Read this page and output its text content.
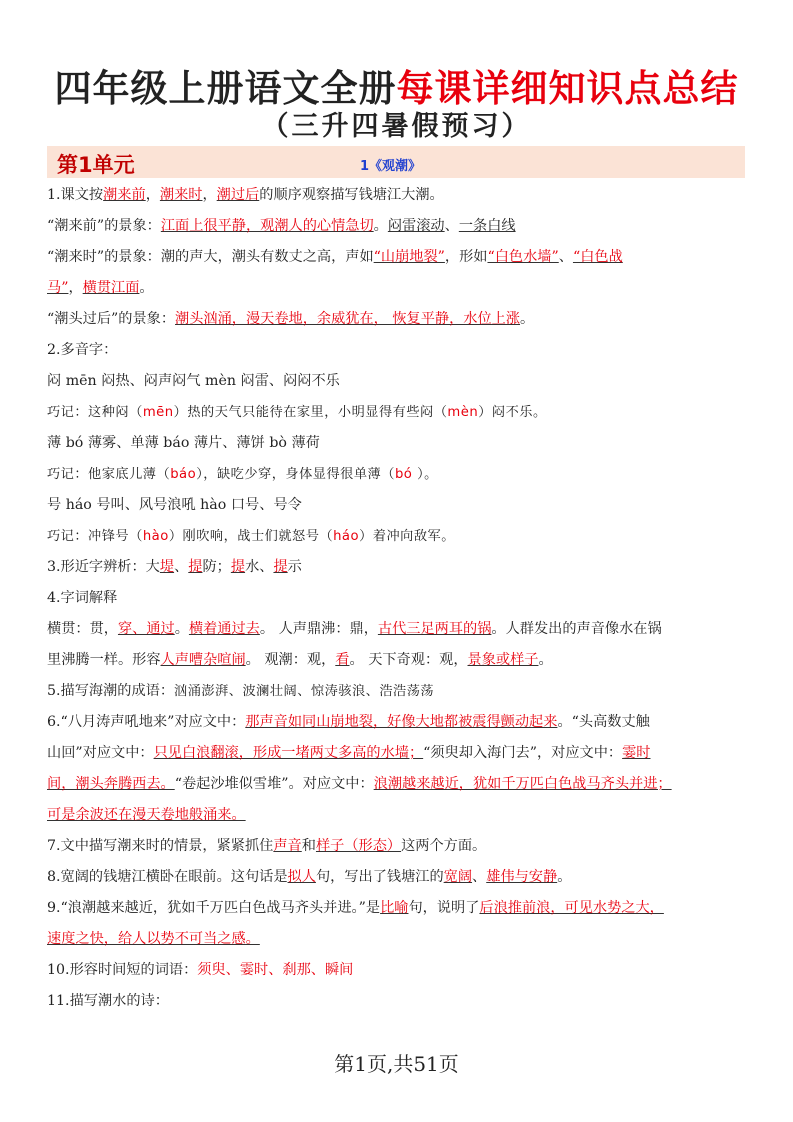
四年级上册语文全册每课详细知识点总结
（三升四暑假预习）
第1单元	1《观潮》
1.课文按潮来前，潮来时，潮过后的顺序观察描写钱塘江大潮。
“潮来前”的景象：江面上很平静，观潮人的心情急切。闷雷滚动、一条白线
“潮来时”的景象：潮的声大，潮头有数丈之高，声如“山崩地裂”，形如“白色水墙”、“白色战
马”，横贯江面。
“潮头过后”的景象：潮头汹涌，漫天卷地，余威犹在， 恢复平静，水位上涨。
2.多音字：
闷 mēn 闷热、闷声闷气 mèn 闷雷、闷闷不乐
巧记：这种闷（mēn）热的天气只能待在家里，小明显得有些闷（mèn）闷不乐。
薄 bó 薄雾、单薄 báo 薄片、薄饼 bò 薄荷
巧记：他家底儿薄（báo），缺吃少穿，身体显得很单薄（bó ）。
号 háo 号叫、风号浪吼 hào 口号、号令
巧记：冲锋号（hào）刚吹响，战士们就怒号（háo）着冲向敌军。
3.形近字辨析：大堤、提防；提水、提示
4.字词解释
横贯：贯，穿、通过。横着通过去。 人声鼎沸：鼎，古代三足两耳的锅。人群发出的声音像水在锅
里沸腾一样。形容人声嘈杂喧闹。 观潮：观，看。 天下奇观：观，景象或样子。
5.描写海潮的成语：汹涌澎湃、波澜壮阔、惊涛骇浪、浩浩荡荡
6.“八月涛声吼地来”对应文中：那声音如同山崩地裂，好像大地都被震得颤动起来。“头高数丈触
山回”对应文中：只见白浪翻滚，形成一堵两丈多高的水墙；“须臾却入海门去”，对应文中：霎时
间，潮头奔腾西去。“卷起沙堆似雪堆”。对应文中：浪潮越来越近，犹如千万匹白色战马齐头并进；
可是余波还在漫天卷地般涌来。
7.文中描写潮来时的情景，紧紧抓住声音和样子（形态）这两个方面。
8.宽阔的钱塘江横卧在眼前。这句话是拟人句，写出了钱塘江的宽阔、雄伟与安静。
9.“浪潮越来越近，犹如千万匹白色战马齐头并进。”是比喻句，说明了后浪推前浪，可见水势之大，
速度之快，给人以势不可当之感。
10.形容时间短的词语：须臾、霎时、刹那、瞬间
11.描写潮水的诗：
第1页,共51页
